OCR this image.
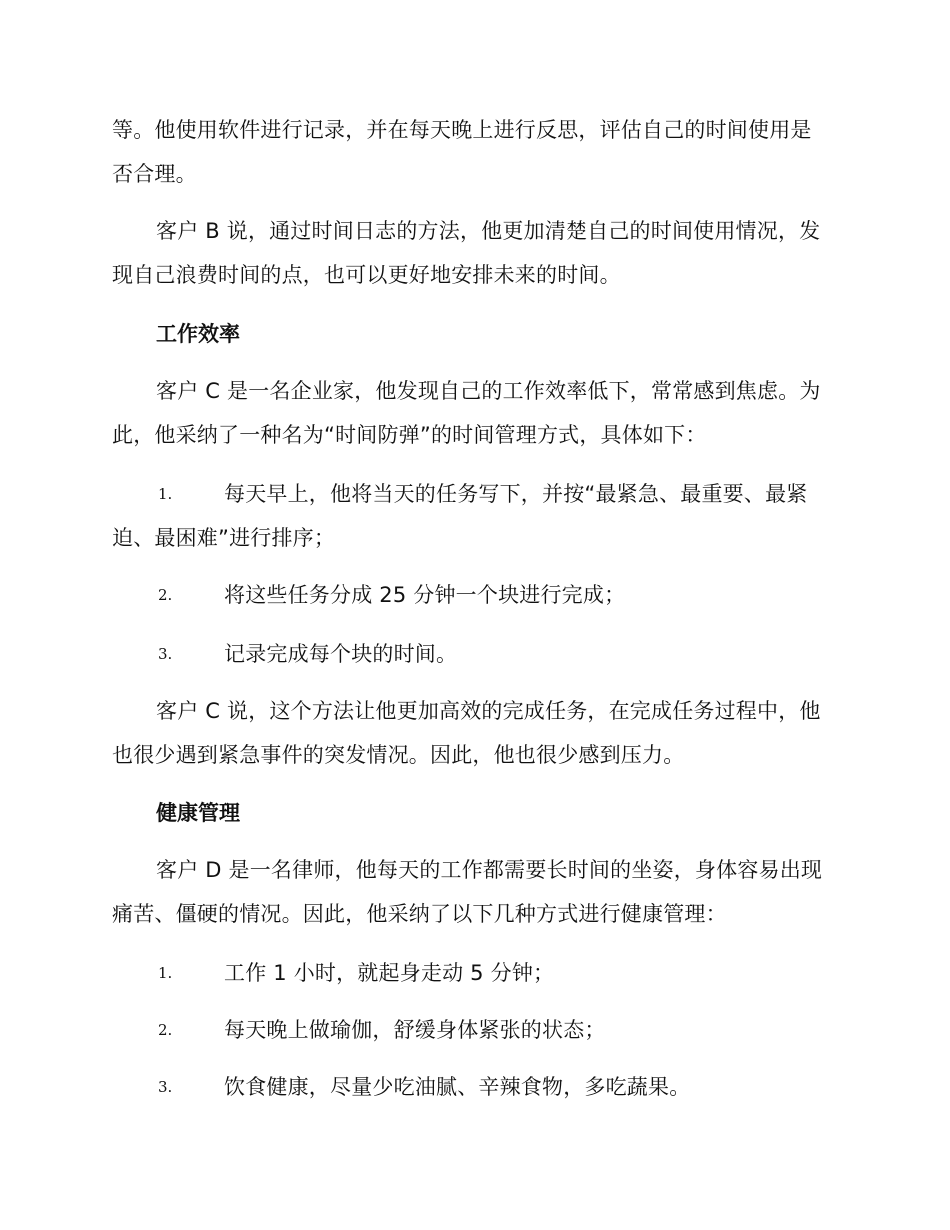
等。他使用软件进行记录，并在每天晚上进行反思，评估自己的时间使用是
否合理。
客户 B 说，通过时间日志的方法，他更加清楚自己的时间使用情况，发
现自己浪费时间的点，也可以更好地安排未来的时间。
工作效率
客户 C 是一名企业家，他发现自己的工作效率低下，常常感到焦虑。为
此，他采纳了一种名为“时间防弹”的时间管理方式，具体如下：
1. 每天早上，他将当天的任务写下，并按“最紧急、最重要、最紧
迫、最困难”进行排序；
2. 将这些任务分成 25 分钟一个块进行完成；
3. 记录完成每个块的时间。
客户 C 说，这个方法让他更加高效的完成任务，在完成任务过程中，他
也很少遇到紧急事件的突发情况。因此，他也很少感到压力。
健康管理
客户 D 是一名律师，他每天的工作都需要长时间的坐姿，身体容易出现
痛苦、僵硬的情况。因此，他采纳了以下几种方式进行健康管理：
1. 工作 1 小时，就起身走动 5 分钟；
2. 每天晚上做瑜伽，舒缓身体紧张的状态；
3. 饮食健康，尽量少吃油腻、辛辣食物，多吃蔬果。
